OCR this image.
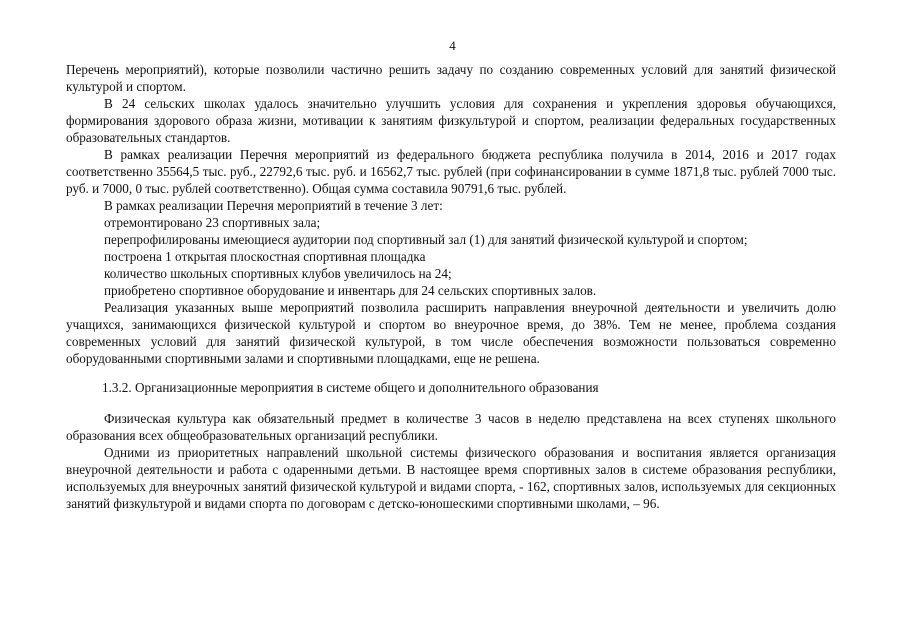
4

Перечень мероприятий), которые позволили частично решить задачу по созданию современных условий для занятий физической культурой и спортом.

В 24 сельских школах удалось значительно улучшить условия для сохранения и укрепления здоровья обучающихся, формирования здорового образа жизни, мотивации к занятиям физкультурой и спортом, реализации федеральных государственных образовательных стандартов.

В рамках реализации Перечня мероприятий из федерального бюджета республика получила в 2014, 2016 и 2017 годах соответственно 35564,5 тыс. руб., 22792,6 тыс. руб. и 16562,7 тыс. рублей (при софинансировании в сумме 1871,8 тыс. рублей 7000 тыс. руб. и 7000, 0 тыс. рублей соответственно). Общая сумма составила 90791,6 тыс. рублей.

В рамках реализации Перечня мероприятий в течение 3 лет:

отремонтировано 23 спортивных зала;

перепрофилированы имеющиеся аудитории под спортивный зал (1) для занятий физической культурой и спортом;

построена 1 открытая плоскостная спортивная площадка

количество школьных спортивных клубов увеличилось на 24;

приобретено спортивное оборудование и инвентарь для 24 сельских спортивных залов.

Реализация указанных выше мероприятий позволила расширить направления внеурочной деятельности и увеличить долю учащихся, занимающихся физической культурой и спортом во внеурочное время, до 38%. Тем не менее, проблема создания современных условий для занятий физической культурой, в том числе обеспечения возможности пользоваться современно оборудованными спортивными залами и спортивными площадками, еще не решена.

1.3.2. Организационные мероприятия в системе общего и дополнительного образования

Физическая культура как обязательный предмет в количестве 3 часов в неделю представлена на всех ступенях школьного образования всех общеобразовательных организаций республики.

Одними из приоритетных направлений школьной системы физического образования и воспитания является организация внеурочной деятельности и работа с одаренными детьми. В настоящее время спортивных залов в системе образования республики, используемых для внеурочных занятий физической культурой и видами спорта, - 162, спортивных залов, используемых для секционных занятий физкультурой и видами спорта по договорам с детско-юношескими спортивными школами, – 96.
